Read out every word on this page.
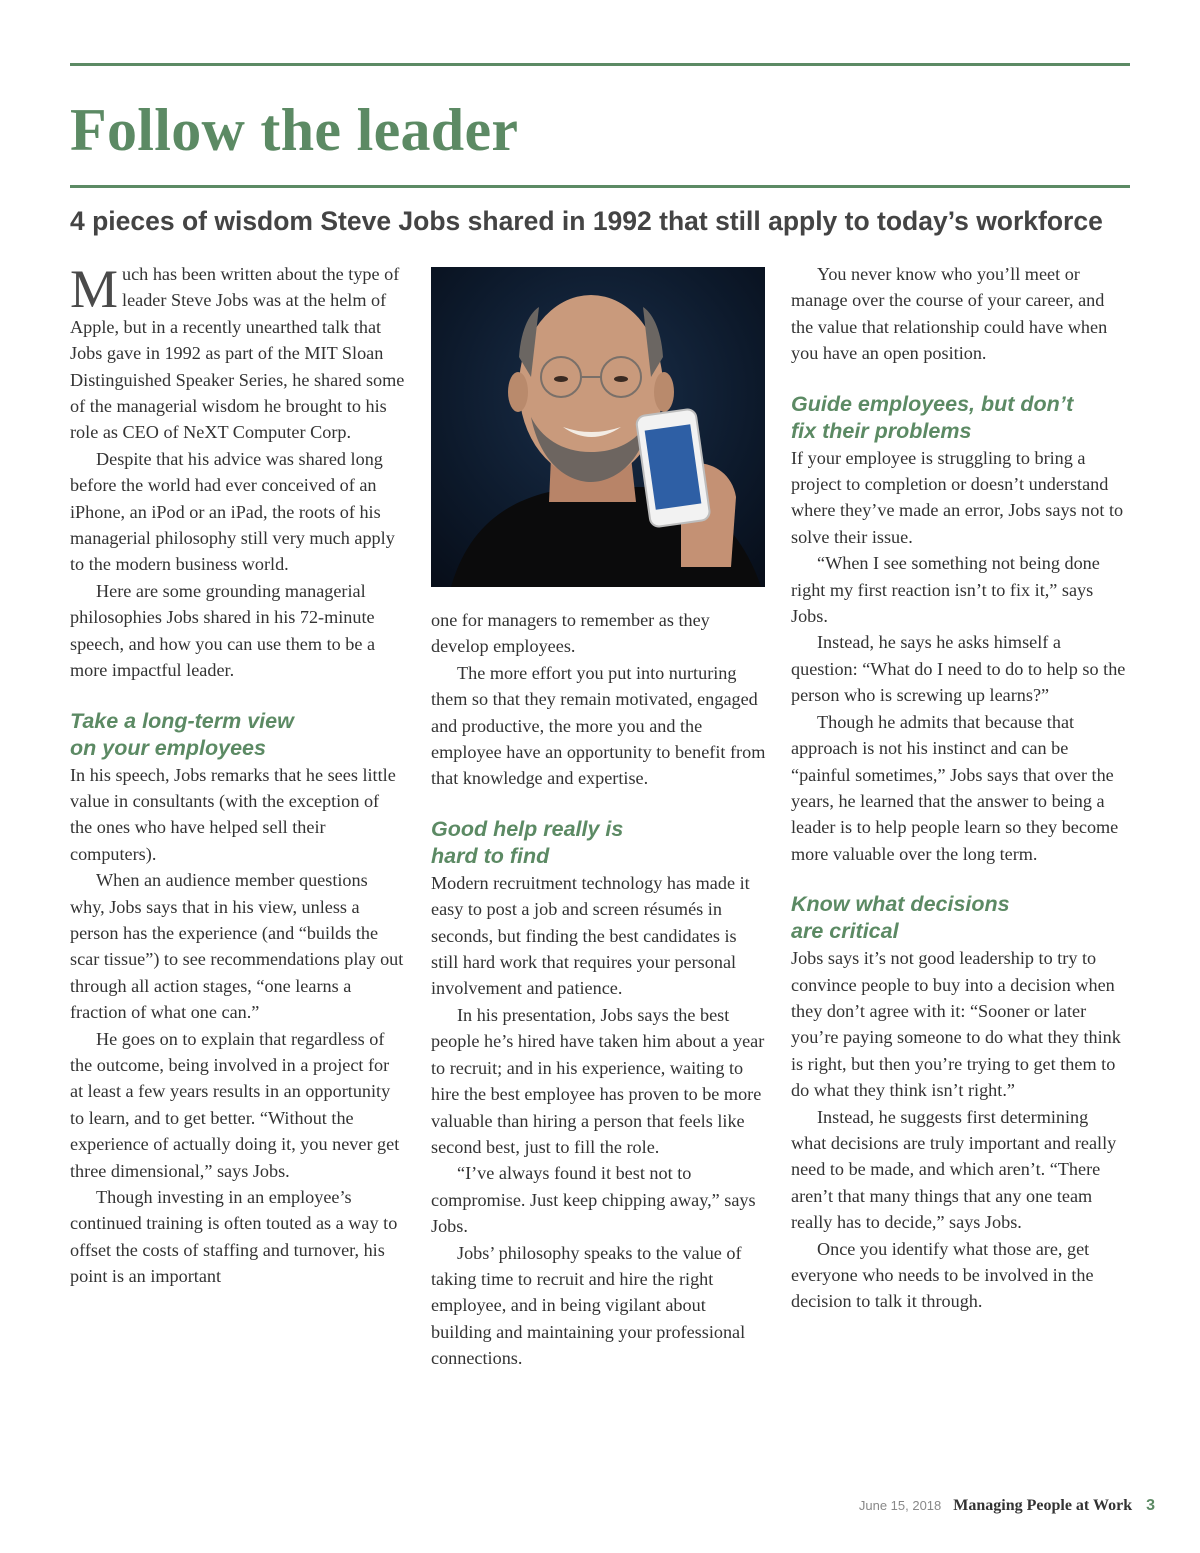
Follow the leader
4 pieces of wisdom Steve Jobs shared in 1992 that still apply to today’s workforce

Much has been written about the type of leader Steve Jobs was at the helm of Apple, but in a recently unearthed talk that Jobs gave in 1992 as part of the MIT Sloan Distinguished Speaker Series, he shared some of the managerial wisdom he brought to his role as CEO of NeXT Computer Corp.

Despite that his advice was shared long before the world had ever conceived of an iPhone, an iPod or an iPad, the roots of his managerial philosophy still very much apply to the modern business world.

Here are some grounding managerial philosophies Jobs shared in his 72-minute speech, and how you can use them to be a more impactful leader.

Take a long-term view
on your employees

In his speech, Jobs remarks that he sees little value in consultants (with the exception of the ones who have helped sell their computers).

When an audience member questions why, Jobs says that in his view, unless a person has the experience (and “builds the scar tissue”) to see recommendations play out through all action stages, “one learns a fraction of what one can.”

He goes on to explain that regardless of the outcome, being involved in a project for at least a few years results in an opportunity to learn, and to get better. “Without the experience of actually doing it, you never get three dimensional,” says Jobs.

Though investing in an employee’s continued training is often touted as a way to offset the costs of staffing and turnover, his point is an important

one for managers to remember as they develop employees.

The more effort you put into nurturing them so that they remain motivated, engaged and productive, the more you and the employee have an opportunity to benefit from that knowledge and expertise.

Good help really is
hard to find

Modern recruitment technology has made it easy to post a job and screen résumés in seconds, but finding the best candidates is still hard work that requires your personal involvement and patience.

In his presentation, Jobs says the best people he’s hired have taken him about a year to recruit; and in his experience, waiting to hire the best employee has proven to be more valuable than hiring a person that feels like second best, just to fill the role.

“I’ve always found it best not to compromise. Just keep chipping away,” says Jobs.

Jobs’ philosophy speaks to the value of taking time to recruit and hire the right employee, and in being vigilant about building and maintaining your professional connections.

You never know who you’ll meet or manage over the course of your career, and the value that relationship could have when you have an open position.

Guide employees, but don’t
fix their problems

If your employee is struggling to bring a project to completion or doesn’t understand where they’ve made an error, Jobs says not to solve their issue.

“When I see something not being done right my first reaction isn’t to fix it,” says Jobs.

Instead, he says he asks himself a question: “What do I need to do to help so the person who is screwing up learns?”

Though he admits that because that approach is not his instinct and can be “painful sometimes,” Jobs says that over the years, he learned that the answer to being a leader is to help people learn so they become more valuable over the long term.

Know what decisions
are critical

Jobs says it’s not good leadership to try to convince people to buy into a decision when they don’t agree with it: “Sooner or later you’re paying someone to do what they think is right, but then you’re trying to get them to do what they think isn’t right.”

Instead, he suggests first determining what decisions are truly important and really need to be made, and which aren’t. “There aren’t that many things that any one team really has to decide,” says Jobs.

Once you identify what those are, get everyone who needs to be involved in the decision to talk it through.

June 15, 2018 Managing People at Work 3
